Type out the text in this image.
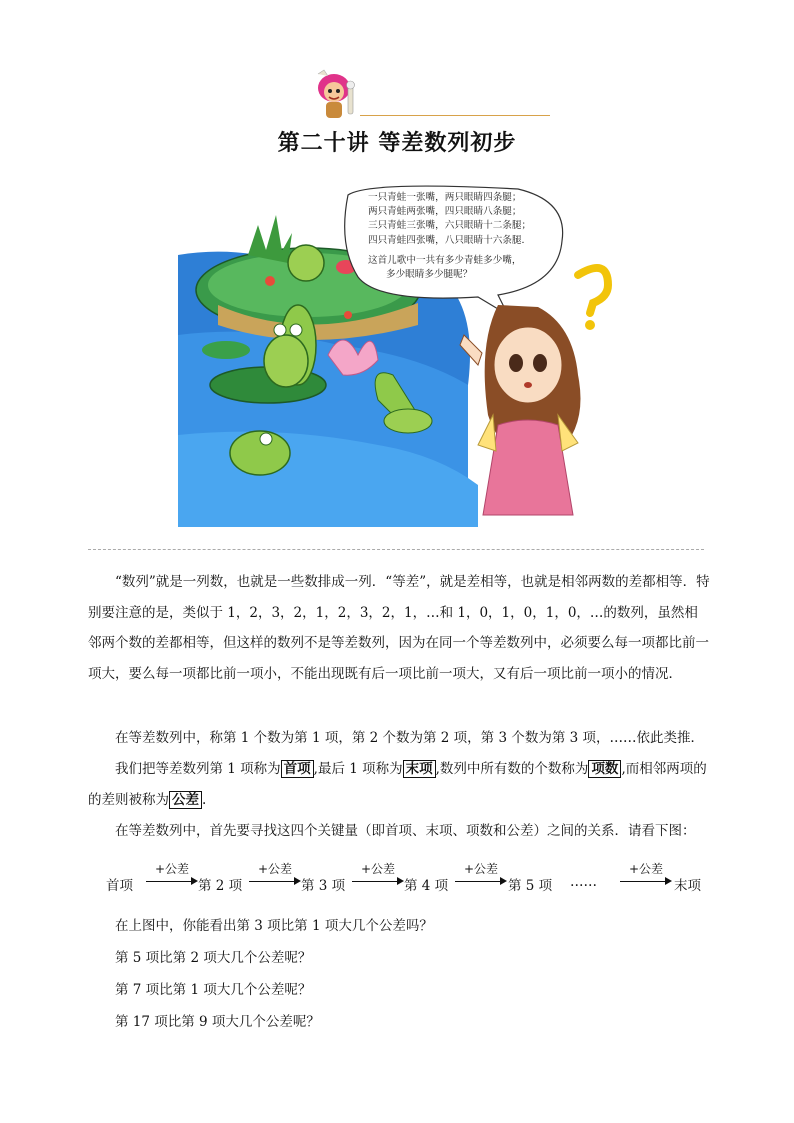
第二十讲 等差数列初步
一只青蛙一张嘴，两只眼睛四条腿；
两只青蛙两张嘴，四只眼睛八条腿；
三只青蛙三张嘴，六只眼睛十二条腿；
四只青蛙四张嘴，八只眼睛十六条腿．
这首儿歌中一共有多少青蛙多少嘴，
多少眼睛多少腿呢？
“数列”就是一列数，也就是一些数排成一列．“等差”，就是差相等，也就是相邻两数的差都相等．特别要注意的是，类似于 1，2，3，2，1，2，3，2，1，…和 1，0，1，0，1，0，…的数列，虽然相邻两个数的差都相等，但这样的数列不是等差数列，因为在同一个等差数列中，必须要么每一项都比前一项大，要么每一项都比前一项小，不能出现既有后一项比前一项大，又有后一项比前一项小的情况．
在等差数列中，称第 1 个数为第 1 项，第 2 个数为第 2 项，第 3 个数为第 3 项，……依此类推．
我们把等差数列第 1 项称为 首项 ,最后 1 项称为 末项 ,数列中所有数的个数称为 项数 ,而相邻两项的的差则被称为 公差 .
在等差数列中，首先要寻找这四个关键量（即首项、末项、项数和公差）之间的关系．请看下图：
首项
+公差
第 2 项
+公差
第 3 项
+公差
第 4 项
+公差
第 5 项 ……
+公差
末项
在上图中，你能看出第 3 项比第 1 项大几个公差吗？
第 5 项比第 2 项大几个公差呢？
第 7 项比第 1 项大几个公差呢？
第 17 项比第 9 项大几个公差呢？
